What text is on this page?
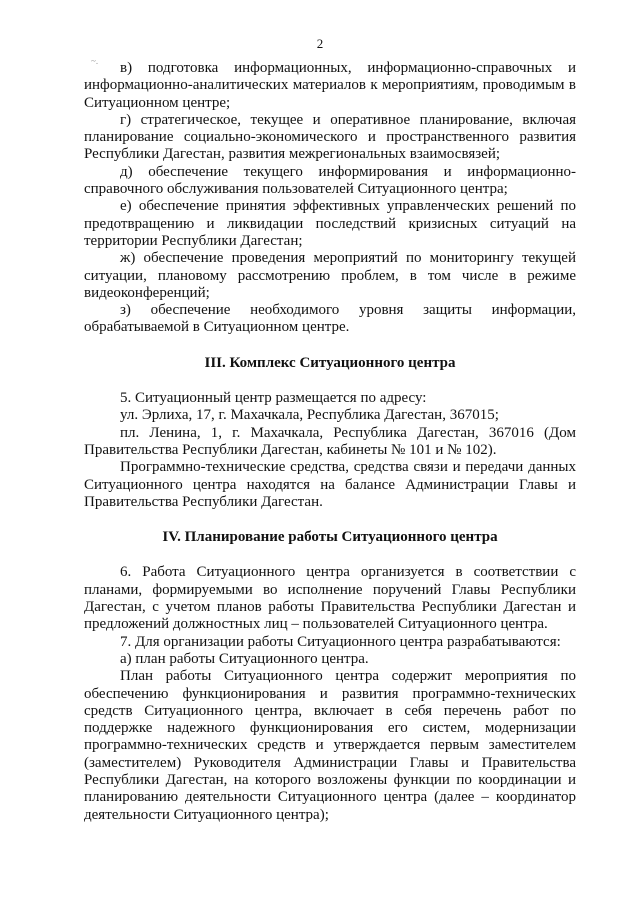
2
~.	в) подготовка информационных, информационно-справочных и информационно-аналитических материалов к мероприятиям, проводимым в Ситуационном центре;

г) стратегическое, текущее и оперативное планирование, включая планирование социально-экономического и пространственного развития Республики Дагестан, развития межрегиональных взаимосвязей;

д) обеспечение текущего информирования и информационно-справочного обслуживания пользователей Ситуационного центра;

е) обеспечение принятия эффективных управленческих решений по предотвращению и ликвидации последствий кризисных ситуаций на территории Республики Дагестан;

ж) обеспечение проведения мероприятий по мониторингу текущей ситуации, плановому рассмотрению проблем, в том числе в режиме видеоконференций;

з) обеспечение необходимого уровня защиты информации, обрабатываемой в Ситуационном центре.

III. Комплекс Ситуационного центра

5. Ситуационный центр размещается по адресу:

ул. Эрлиха, 17, г. Махачкала, Республика Дагестан, 367015;

пл. Ленина, 1, г. Махачкала, Республика Дагестан, 367016 (Дом Правительства Республики Дагестан, кабинеты № 101 и № 102).

Программно-технические средства, средства связи и передачи данных Ситуационного центра находятся на балансе Администрации Главы и Правительства Республики Дагестан.

IV. Планирование работы Ситуационного центра

6. Работа Ситуационного центра организуется в соответствии с планами, формируемыми во исполнение поручений Главы Республики Дагестан, с учетом планов работы Правительства Республики Дагестан и предложений должностных лиц – пользователей Ситуационного центра.

7. Для организации работы Ситуационного центра разрабатываются:

а) план работы Ситуационного центра.

План работы Ситуационного центра содержит мероприятия по обеспечению функционирования и развития программно-технических средств Ситуационного центра, включает в себя перечень работ по поддержке надежного функционирования его систем, модернизации программно-технических средств и утверждается первым заместителем (заместителем) Руководителя Администрации Главы и Правительства Республики Дагестан, на которого возложены функции по координации и планированию деятельности Ситуационного центра (далее – координатор деятельности Ситуационного центра);
